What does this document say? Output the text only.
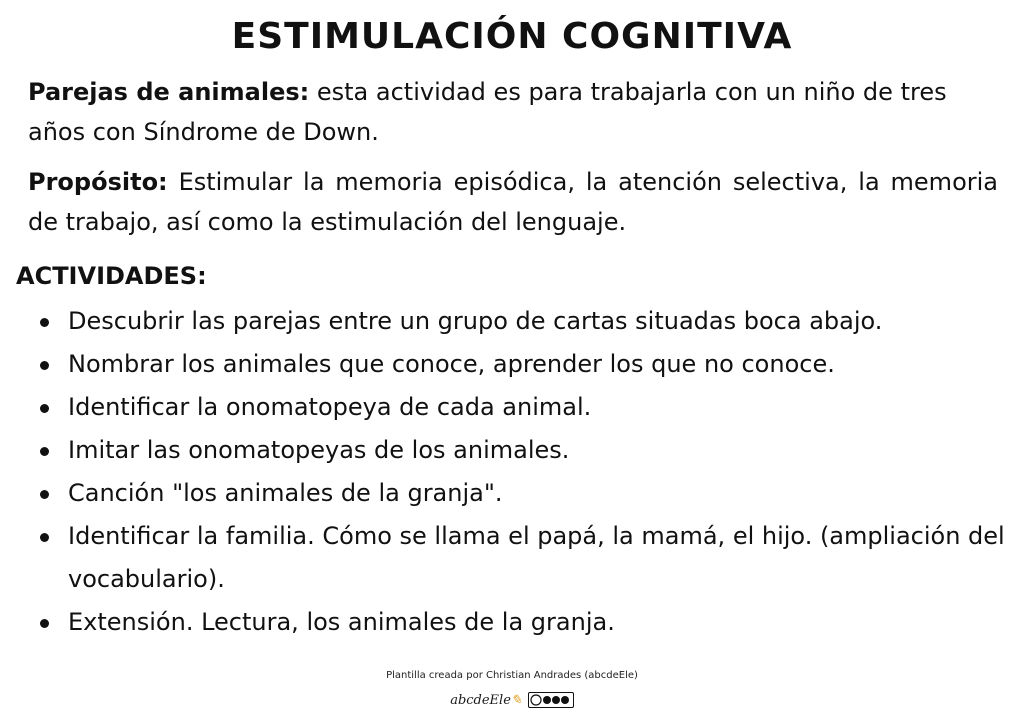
ESTIMULACIÓN COGNITIVA
Parejas de animales: esta actividad es para trabajarla con un niño de tres años con Síndrome de Down.
Propósito: Estimular la memoria episódica, la atención selectiva, la memoria de trabajo, así como la estimulación del lenguaje.
ACTIVIDADES:
Descubrir las parejas entre un grupo de cartas situadas boca abajo.
Nombrar los animales que conoce, aprender los que no conoce.
Identificar la onomatopeya de cada animal.
Imitar las onomatopeyas de los animales.
Canción "los animales de la granja".
Identificar la familia. Cómo se llama el papá, la mamá, el hijo. (ampliación del vocabulario).
Extensión. Lectura, los animales de la granja.
Plantilla creada por Christian Andrades (abcdeEle)
abcdeEle✎
